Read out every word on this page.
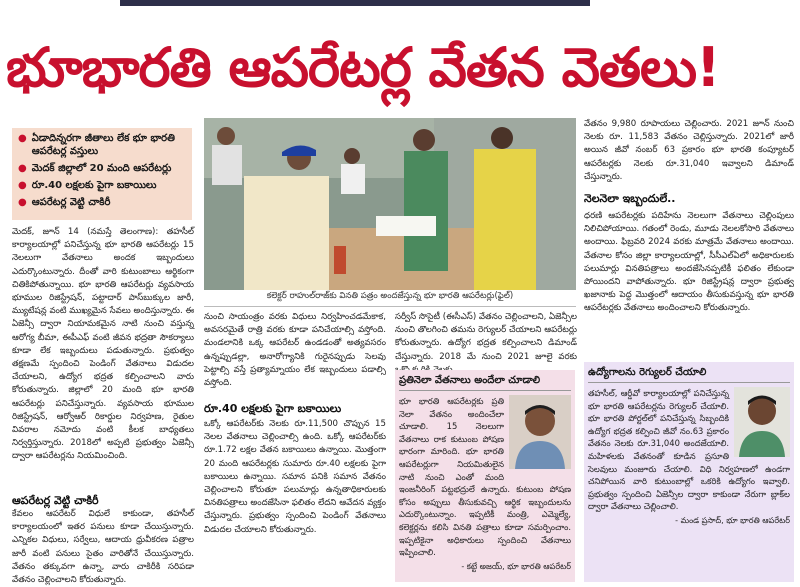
భూభారతి ఆపరేటర్ల వేతన వెతలు!
● ఏడాదిన్నరగా జీతాలు లేక భూ భారతి ఆపరేటర్ల వస్తులు
● మెదక్ జిల్లాలో 20 మంది ఆపరేటర్లు
● రూ.40 లక్షలకు పైగా బకాయిలు
● ఆపరేటర్ల వెట్టి చాకిరీ
మెదక్, జూన్ 14 (నమస్తే తెలంగాణ): తహసీల్ కార్యాలయాల్లో పనిచేస్తున్న భూ భారతి ఆపరేటర్లు 15 నెలలుగా వేతనాలు అందక ఇబ్బందులు ఎదుర్కొంటున్నారు. దీంతో వారి కుటుంబాలు ఆర్థికంగా చితికిపోతున్నాయి. భూ భారతి ఆపరేటర్లు వ్యవసాయ భూముల రిజిస్ట్రేషన్, పట్టాదార్ పాస్‌బుక్కుల జారీ, మ్యుటేషన్ల వంటి ముఖ్యమైన సేవలు అందిస్తున్నారు. ఈ ఏజెన్సీ ద్వారా నియామకమైన నాటి నుంచి వస్తున్న ఆరోగ్య బీమా, ఈపీఎఫ్ వంటి జీవన భద్రతా సౌకర్యాలు కూడా లేక ఇబ్బందులు పడుతున్నారు. ప్రభుత్వం తక్షణమే స్పందించి పెండింగ్ వేతనాలు విడుదల చేయాలని, ఉద్యోగ భద్రత కల్పించాలని వారు కోరుతున్నారు. జిల్లాలో 20 మంది భూ భారతి ఆపరేటర్లు పనిచేస్తున్నారు. వ్యవసాయ భూముల రిజిస్ట్రేషన్, ఆర్వోఆర్ రికార్డుల నిర్వహణ, రైతుల వివరాల నమోదు వంటి కీలక బాధ్యతలు నిర్వర్తిస్తున్నారు. 2018లో అప్పటి ప్రభుత్వం ఏజెన్సీ ద్వారా ఆపరేటర్లను నియమించింది.
ఆపరేటర్ల వెట్టి చాకిరీ
కేవలం ఆపరేటర్ విధులే కాకుండా, తహసీల్ కార్యాలయంలో ఇతర పనులు కూడా చేయిస్తున్నారు. ఎన్నికల విధులు, సర్వేలు, ఆదాయ ధ్రువీకరణ పత్రాల జారీ వంటి పనులు సైతం వారితోనే చేయిస్తున్నారు. వేతనం తక్కువగా ఉన్నా, వారు చాకిరీకి సరిపడా వేతనం చెల్లించాలని కోరుతున్నారు.
కలెక్టర్ రాహుల్‌రాజ్‌కు వినతి పత్రం అందజేస్తున్న భూ భారతి ఆపరేటర్లు(ఫైల్)
నుంచి సాయంత్రం వరకు విధులు నిర్వహించడమేకాక, అవసరమైతే రాత్రి వరకు కూడా పనిచేయాల్సి వస్తోంది. మండలానికి ఒక్క ఆపరేటర్ ఉండడంతో అత్యవసరం ఉన్నప్పుడల్లా, అనారోగ్యానికి గురైనప్పుడు సెలవు పెట్టాల్సి వస్తే ప్రత్యామ్నాయం లేక ఇబ్బందులు పడాల్సి వస్తోంది.
రూ.40 లక్షలకు పైగా బకాయిలు
ఒక్కో ఆపరేటర్‌కు నెలకు రూ.11,500 చొప్పున 15 నెలల వేతనాలు చెల్లించాల్సి ఉంది. ఒక్కో ఆపరేటర్‌కు రూ.1.72 లక్షల వేతన బకాయిలు ఉన్నాయి. మొత్తంగా 20 మంది ఆపరేటర్లకు సుమారు రూ.40 లక్షలకు పైగా బకాయిలు ఉన్నాయి. సమాన పనికి సమాన వేతనం చెల్లించాలని కోరుతూ పలుమార్లు ఉన్నతాధికారులకు వినతిపత్రాలు అందజేసినా ఫలితం లేదని ఆవేదన వ్యక్తం చేస్తున్నారు. ప్రభుత్వం స్పందించి పెండింగ్ వేతనాలు విడుదల చేయాలని కోరుతున్నారు.
సర్వీస్ సొసైటీ (ఈసీఎస్) వేతనం చెల్లించాలని, ఏజెన్సీల నుంచి తొలగించి తమను రెగ్యులర్ చేయాలని ఆపరేటర్లు కోరుతున్నారు. ఉద్యోగ భద్రత కల్పించాలని డిమాండ్ చేస్తున్నారు. 2018 మే నుంచి 2021 జూలై వరకు
వేతనం 9,980 రూపాయలు చెల్లించారు. 2021 జూన్ నుంచి నెలకు రూ. 11,583 వేతనం చెల్లిస్తున్నారు. 2021లో జారీ అయిన జీవో నంబర్ 63 ప్రకారం భూ భారతి కంప్యూటర్ ఆపరేటర్లకు నెలకు రూ.31,040 ఇవ్వాలని డిమాండ్ చేస్తున్నారు.
నెలనెలా ఇబ్బందులే..
ధరణి ఆపరేటర్లకు పదిహేను నెలలుగా వేతనాలు చెల్లింపులు నిలిచిపోయాయి. గతంలో రెండు, మూడు నెలలకోసారి వేతనాలు అందాయి. ఫిబ్రవరి 2024 వరకు మాత్రమే వేతనాలు అందాయి. వేతనాల కోసం జిల్లా కార్యాలయాల్లో, సీసీఎల్ఏలో అధికారులకు పలుమార్లు వినతిపత్రాలు అందజేసినప్పటికీ ఫలితం లేకుండా పోయిందని వాపోతున్నారు. భూ రిజిస్ట్రేషన్ల ద్వారా ప్రభుత్వ ఖజానాకు పెద్ద మొత్తంలో ఆదాయం తీసుకువస్తున్న భూ భారతి ఆపరేటర్లకు వేతనాలు అందించాలని కోరుతున్నారు.
ప్రతినెలా వేతనాలు అందేలా చూడాలి
భూ భారతి ఆపరేటర్లకు ప్రతి నెలా వేతనం అందించేలా చూడాలి. 15 నెలలుగా వేతనాలు రాక కుటుంబ పోషణ భారంగా మారింది. భూ భారతి ఆపరేటర్లుగా నియమితులైన నాటి నుంచి ఎంతో మంది ఇంజనీరింగ్ పట్టభద్రులే ఉన్నారు. కుటుంబ పోషణ కోసం అప్పులు తీసుకువచ్చి ఆర్థిక ఇబ్బందులను ఎదుర్కొంటున్నాం. ఇప్పటికీ మంత్రి, ఎమ్మెల్యే, కలెక్టర్లను కలిసి వినతి పత్రాలు కూడా సమర్పించాం. ఇప్పటికైనా అధికారులు స్పందించి వేతనాలు ఇప్పించాలి.
- కట్టే అజయ్, భూ భారతి ఆపరేటర్
ఉద్యోగాలను రెగ్యులర్ చేయాలి
తహసీల్, ఆర్డీవో కార్యాలయాల్లో పనిచేస్తున్న భూ భారతి ఆపరేటర్లను రెగ్యులర్ చేయాలి. భూ భారతి పోర్టల్‌లో పనిచేస్తున్న సిబ్బందికి ఉద్యోగ భద్రత కల్పించి జీవో నం.63 ప్రకారం వేతనం నెలకు రూ.31,040 అందజేయాలి. మహిళలకు వేతనంతో కూడిన ప్రసూతి సెలవులు మంజూరు చేయాలి. విధి నిర్వహణలో ఉండగా చనిపోయిన వారి కుటుంబాల్లో ఒకరికి ఉద్యోగం ఇవ్వాలి. ప్రభుత్వం స్పందించి ఏజెన్సీల ద్వారా కాకుండా నేరుగా బ్లాక్‌ల ద్వారా వేతనాలు చెల్లించాలి.
- మండ ప్రసాద్, భూ భారతి ఆపరేటర్
